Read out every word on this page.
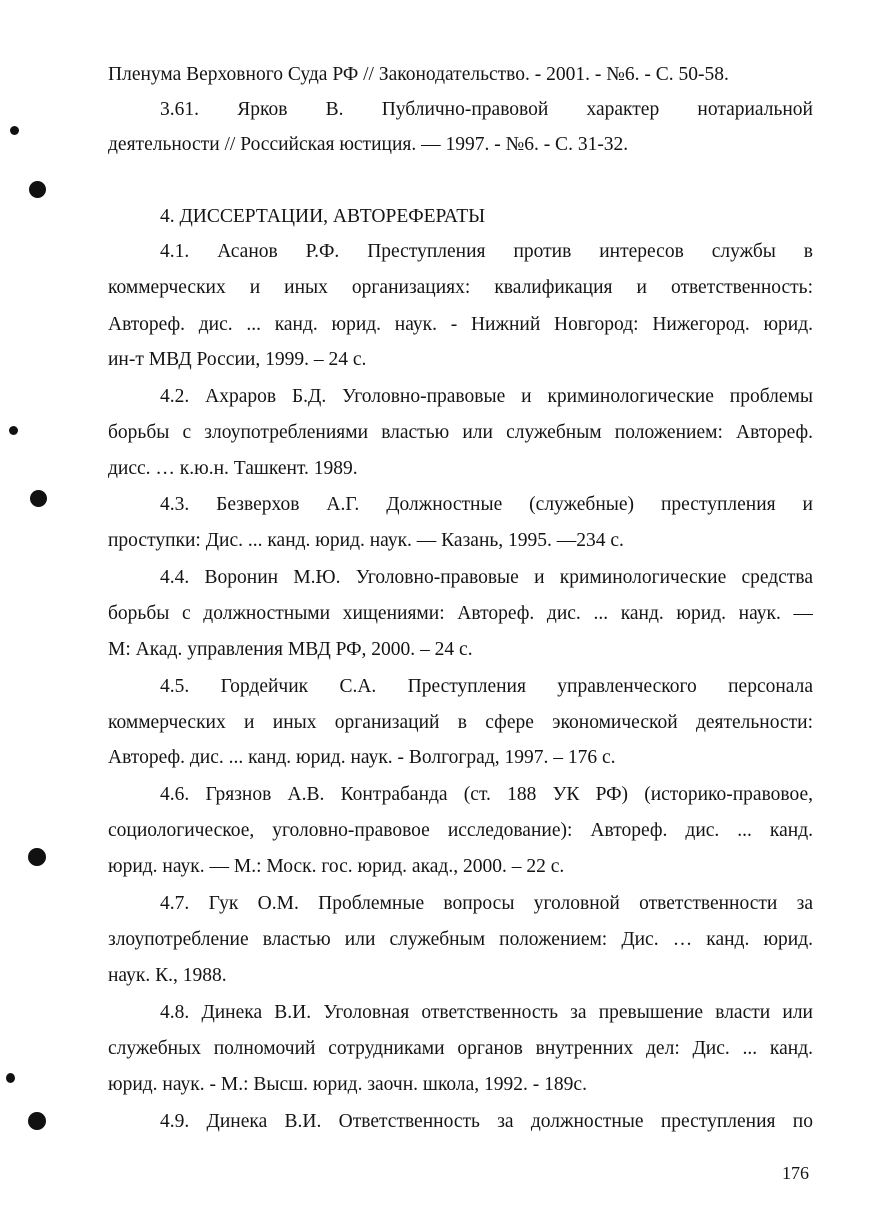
Пленума Верховного Суда РФ // Законодательство. - 2001. - №6. - С. 50-58.
3.61. Ярков В. Публично-правовой характер нотариальной
деятельности // Российская юстиция. — 1997. - №6. - С. 31-32.
4. ДИССЕРТАЦИИ, АВТОРЕФЕРАТЫ
4.1. Асанов Р.Ф. Преступления против интересов службы в
коммерческих и иных организациях: квалификация и ответственность:
Автореф. дис. ... канд. юрид. наук. - Нижний Новгород: Нижегород. юрид.
ин-т МВД России, 1999. – 24 с.
4.2. Ахраров Б.Д. Уголовно-правовые и криминологические проблемы
борьбы с злоупотреблениями властью или служебным положением: Автореф.
дисс. … к.ю.н. Ташкент. 1989.
4.3. Безверхов А.Г. Должностные (служебные) преступления и
проступки: Дис. ... канд. юрид. наук. — Казань, 1995. —234 с.
4.4. Воронин М.Ю. Уголовно-правовые и криминологические средства
борьбы с должностными хищениями: Автореф. дис. ... канд. юрид. наук. —
М: Акад. управления МВД РФ, 2000. – 24 с.
4.5. Гордейчик С.А. Преступления управленческого персонала
коммерческих и иных организаций в сфере экономической деятельности:
Автореф. дис. ... канд. юрид. наук. - Волгоград, 1997. – 176 с.
4.6. Грязнов А.В. Контрабанда (ст. 188 УК РФ) (историко-правовое,
социологическое, уголовно-правовое исследование): Автореф. дис. ... канд.
юрид. наук. — М.: Моск. гос. юрид. акад., 2000. – 22 с.
4.7. Гук О.М. Проблемные вопросы уголовной ответственности за
злоупотребление властью или служебным положением: Дис. … канд. юрид.
наук. К., 1988.
4.8. Динека В.И. Уголовная ответственность за превышение власти или
служебных полномочий сотрудниками органов внутренних дел: Дис. ... канд.
юрид. наук. - М.: Высш. юрид. заочн. школа, 1992. - 189с.
4.9. Динека В.И. Ответственность за должностные преступления по
176
